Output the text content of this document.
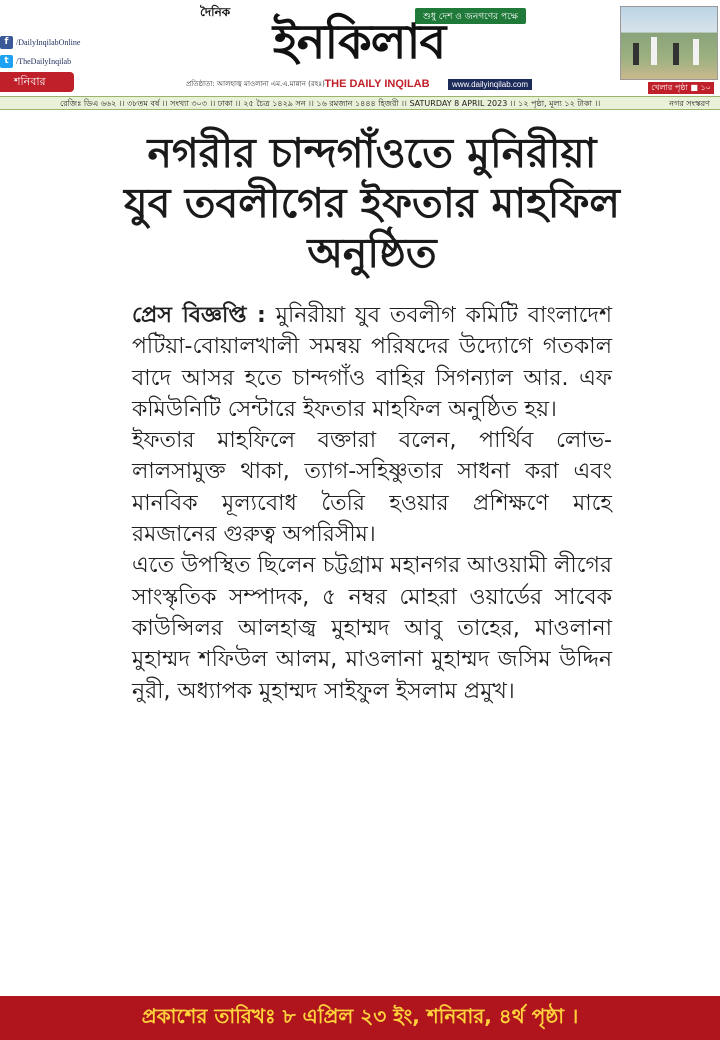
f /DailyInqilabOnline
t /TheDailyInqilab
শনিবার
দৈনিক	শুধু দেশ ও জনগণের পক্ষে
ইনকিলাব
প্রতিষ্ঠাতা: আলহাজ্ব মাওলানা এম.এ.মান্নান (রহঃ) THE DAILY INQILAB	www.dailyinqilab.com	খেলার পৃষ্ঠা ■ ১০
রেজিঃ ডিএ ৬৬২ ।। ৩৮তম বর্ষ ।। সংখ্যা ৩০৩ ।। ঢাকা ।। ২৫ চৈত্র ১৪২৯ সন ।। ১৬ রমজান ১৪৪৪ হিজরী ।। SATURDAY 8 APRIL 2023 ।। ১২ পৃষ্ঠা, মূল্য ১২ টাকা ।।	নগর সংস্করণ
নগরীর চান্দগাঁওতে মুনিরীয়া যুব তবলীগের ইফতার মাহফিল অনুষ্ঠিত

প্রেস বিজ্ঞপ্তি : মুনিরীয়া যুব তবলীগ কমিটি বাংলাদেশ পটিয়া-বোয়ালখালী সমন্বয় পরিষদের উদ্যোগে গতকাল বাদে আসর হতে চান্দগাঁও বাহির সিগন্যাল আর. এফ কমিউনিটি সেন্টারে ইফতার মাহফিল অনুষ্ঠিত হয়।

ইফতার মাহফিলে বক্তারা বলেন, পার্থিব লোভ-লালসামুক্ত থাকা, ত্যাগ-সহিষ্ণুতার সাধনা করা এবং মানবিক মূল্যবোধ তৈরি হওয়ার প্রশিক্ষণে মাহে রমজানের গুরুত্ব অপরিসীম।

এতে উপস্থিত ছিলেন চট্টগ্রাম মহানগর আওয়ামী লীগের সাংস্কৃতিক সম্পাদক, ৫ নম্বর মোহরা ওয়ার্ডের সাবেক কাউন্সিলর আলহাজ্ব মুহাম্মদ আবু তাহের, মাওলানা মুহাম্মদ শফিউল আলম, মাওলানা মুহাম্মদ জসিম উদ্দিন নুরী, অধ্যাপক মুহাম্মদ সাইফুল ইসলাম প্রমুখ।

প্রকাশের তারিখঃ ৮ এপ্রিল ২৩ ইং, শনিবার, ৪র্থ পৃষ্ঠা ।
